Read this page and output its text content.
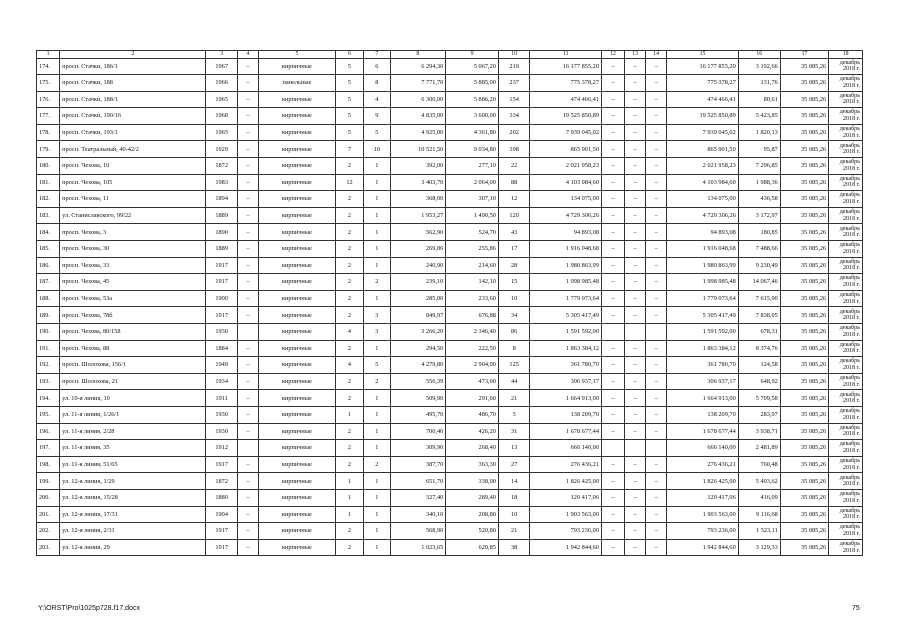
1	2	3	4	5	6	7	8	9	10	11	12	13	14	15	16	17	18
174.	просп. Стачки, 186/1	1967	–	кирпичные	5	6	6 294,30	5 067,20	219	16 177 855,20	–	–	–	16 177 855,20	3 192,66	35 085,26	декабрь 2018 г.
175.	просп. Стачки, 188	1966	–	панельные	5	8	7 771,70	5 885,00	237	775 378,27	–	–	–	775 378,27	131,76	35 085,26	декабрь 2018 г.
176.	просп. Стачки, 188/1	1965	–	кирпичные	5	4	6 300,00	5 886,20	154	474 466,41	–	–	–	474 466,41	80,61	35 085,26	декабрь 2018 г.
177.	просп. Стачки, 190/16	1968	–	кирпичные	5	9	4 835,00	3 600,00	334	19 525 850,89	–	–	–	19 525 850,89	5 423,85	35 085,26	декабрь 2018 г.
178.	просп. Стачки, 193/1	1965	–	кирпичные	5	5	4 925,00	4 361,80	202	7 939 045,02	–	–	–	7 939 045,02	1 820,13	35 085,26	декабрь 2018 г.
179.	просп. Театральный, 40-42/2	1929	–	кирпичные	7	10	10 521,50	9 034,80	398	865 901,50	–	–	–	865 901,50	95,87	35 085,26	декабрь 2018 г.
180.	просп. Чехова, 10	1872	–	кирпичные	2	1	392,00	277,10	22	2 021 958,23	–	–	–	2 021 958,23	7 296,85	35 085,26	декабрь 2018 г.
181.	просп. Чехова, 105	1983	–	кирпичные	12	1	3 403,70	2 064,00	88	4 103 984,60	–	–	–	4 103 984,60	1 988,36	35 085,26	декабрь 2018 г.
182.	просп. Чехова, 11	1894	–	кирпичные	2	1	368,00	307,10	12	134 075,00	–	–	–	134 075,00	436,58	35 085,26	декабрь 2018 г.
183.	ул. Станиславского, 99/22	1889	–	кирпичные	2	1	1 953,27	1 490,50	120	4 729 306,26	–	–	–	4 729 306,26	3 172,97	35 085,26	декабрь 2018 г.
184.	просп. Чехова, 3	1890	–	кирпичные	2	1	562,90	524,70	43	94 893,08	–	–	–	94 893,08	180,85	35 085,26	декабрь 2018 г.
185.	просп. Чехова, 30	1889	–	кирпичные	2	1	269,86	255,86	17	1 916 048,68	–	–	–	1 916 048,68	7 488,66	35 085,26	декабрь 2018 г.
186.	просп. Чехова, 33	1917	–	кирпичные	2	1	240,90	214,60	28	1 980 863,99	–	–	–	1 980 863,99	9 230,49	35 085,26	декабрь 2018 г.
187.	просп. Чехова, 45	1917	–	кирпичные	2	2	239,10	142,10	15	1 998 985,48	–	–	–	1 998 985,48	14 067,46	35 085,26	декабрь 2018 г.
188.	просп. Чехова, 53а	1900	–	кирпичные	2	1	285,00	233,60	10	1 779 073,64	–	–	–	1 779 073,64	7 615,90	35 085,26	декабрь 2018 г.
189.	просп. Чехова, 78б	1917	–	кирпичные	2	3	849,97	676,88	34	5 305 417,49	–	–	–	5 305 417,49	7 838,05	35 085,26	декабрь 2018 г.
190.	просп. Чехова, 80/158	1930		кирпичные	4	3	3 266,20	2 346,40	86	1 591 592,00				1 591 592,00	678,31	35 085,26	декабрь 2018 г.
191.	просп. Чехова, 88	1884	–	кирпичные	2	1	294,50	222,50	8	1 863 384,12	–	–	–	1 863 384,12	8 374,76	35 085,26	декабрь 2018 г.
192.	просп. Шолохова, 156/1	1949	–	кирпичные	4	5	4 279,80	2 904,00	125	361 780,70	–	–	–	361 780,70	124,58	35 085,26	декабрь 2018 г.
193.	просп. Шолохова, 21	1934	–	кирпичные	2	2	556,39	473,00	44	306 937,17	–	–	–	306 937,17	648,92	35 085,26	декабрь 2018 г.
194.	ул. 10-я линия, 10	1911	–	кирпичные	2	1	509,90	291,60	21	1 664 913,00	–	–	–	1 664 913,00	5 709,58	35 085,26	декабрь 2018 г.
195.	ул. 11-я линия, 1/26/1	1930	–	кирпичные	1	1	495,70	486,70	5	138 209,70	–	–	–	138 209,70	283,97	35 085,26	декабрь 2018 г.
196.	ул. 11-я линия, 2/28	1930	–	кирпичные	2	1	700,40	426,20	31	1 678 677,44	–	–	–	1 678 677,44	3 938,71	35 085,26	декабрь 2018 г.
197.	ул. 11-я линия, 35	1912		кирпичные	2	1	309,90	268,40	13	666 140,00				666 140,00	2 481,89	35 085,26	декабрь 2018 г.
198.	ул. 11-я линия, 51/65	1917	–	кирпичные	2	2	387,70	363,30	27	276 436,21	–	–	–	276 436,21	760,48	35 085,26	декабрь 2018 г.
199.	ул. 12-я линия, 1/29	1872	–	кирпичные	1	1	651,70	338,00	14	1 826 425,00	–	–	–	1 826 425,00	5 403,62	35 085,26	декабрь 2018 г.
200.	ул. 12-я линия, 15/28	1880	–	кирпичные	1	1	327,40	289,40	18	120 417,06	–	–	–	120 417,06	416,09	35 085,26	декабрь 2018 г.
201.	ул. 12-я линия, 17/31	1904	–	кирпичные	1	1	340,10	208,80	10	1 903 563,00	–	–	–	1 903 563,00	9 116,68	35 085,26	декабрь 2018 г.
202.	ул. 12-я линия, 2/31	1917	–	кирпичные	2	1	568,90	520,80	21	793 236,00	–	–	–	793 236,00	1 523,11	35 085,26	декабрь 2018 г.
203.	ул. 12-я линия, 29	1917	–	кирпичные	2	1	1 023,65	620,85	38	1 942 844,60	–	–	–	1 942 844,60	3 129,33	35 085,26	декабрь 2018 г.
Y:\ORST\Pro\1025p728.f17.docx	75
